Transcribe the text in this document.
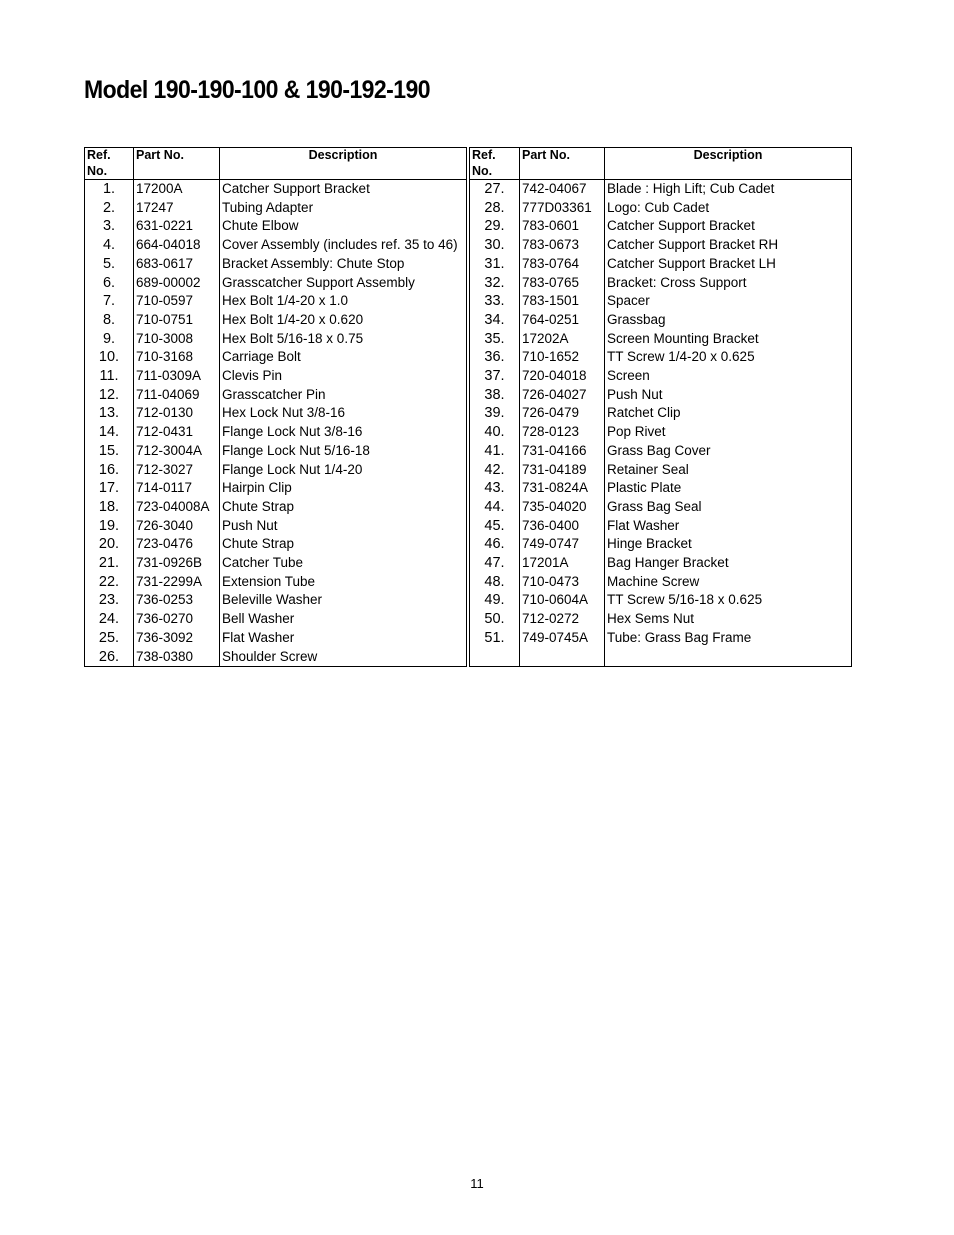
Model 190-190-100 & 190-192-190
Ref.
No.	Part No.	Description
1.	17200A	Catcher Support Bracket
2.	17247	Tubing Adapter
3.	631-0221	Chute Elbow
4.	664-04018	Cover Assembly (includes ref. 35 to 46)
5.	683-0617	Bracket Assembly: Chute Stop
6.	689-00002	Grasscatcher Support Assembly
7.	710-0597	Hex Bolt 1/4-20 x 1.0
8.	710-0751	Hex Bolt 1/4-20 x 0.620
9.	710-3008	Hex Bolt 5/16-18 x 0.75
10.	710-3168	Carriage Bolt
11.	711-0309A	Clevis Pin
12.	711-04069	Grasscatcher Pin
13.	712-0130	Hex Lock Nut 3/8-16
14.	712-0431	Flange Lock Nut 3/8-16
15.	712-3004A	Flange Lock Nut 5/16-18
16.	712-3027	Flange Lock Nut 1/4-20
17.	714-0117	Hairpin Clip
18.	723-04008A	Chute Strap
19.	726-3040	Push Nut
20.	723-0476	Chute Strap
21.	731-0926B	Catcher Tube
22.	731-2299A	Extension Tube
23.	736-0253	Beleville Washer
24.	736-0270	Bell Washer
25.	736-3092	Flat Washer
26.	738-0380	Shoulder Screw
Ref.
No.	Part No.	Description
27.	742-04067	Blade : High Lift; Cub Cadet
28.	777D03361	Logo: Cub Cadet
29.	783-0601	Catcher Support Bracket
30.	783-0673	Catcher Support Bracket RH
31.	783-0764	Catcher Support Bracket LH
32.	783-0765	Bracket: Cross Support
33.	783-1501	Spacer
34.	764-0251	Grassbag
35.	17202A	Screen Mounting Bracket
36.	710-1652	TT Screw 1/4-20 x 0.625
37.	720-04018	Screen
38.	726-04027	Push Nut
39.	726-0479	Ratchet Clip
40.	728-0123	Pop Rivet
41.	731-04166	Grass Bag Cover
42.	731-04189	Retainer Seal
43.	731-0824A	Plastic Plate
44.	735-04020	Grass Bag Seal
45.	736-0400	Flat Washer
46.	749-0747	Hinge Bracket
47.	17201A	Bag Hanger Bracket
48.	710-0473	Machine Screw
49.	710-0604A	TT Screw 5/16-18 x 0.625
50.	712-0272	Hex Sems Nut
51.	749-0745A	Tube: Grass Bag Frame

11
